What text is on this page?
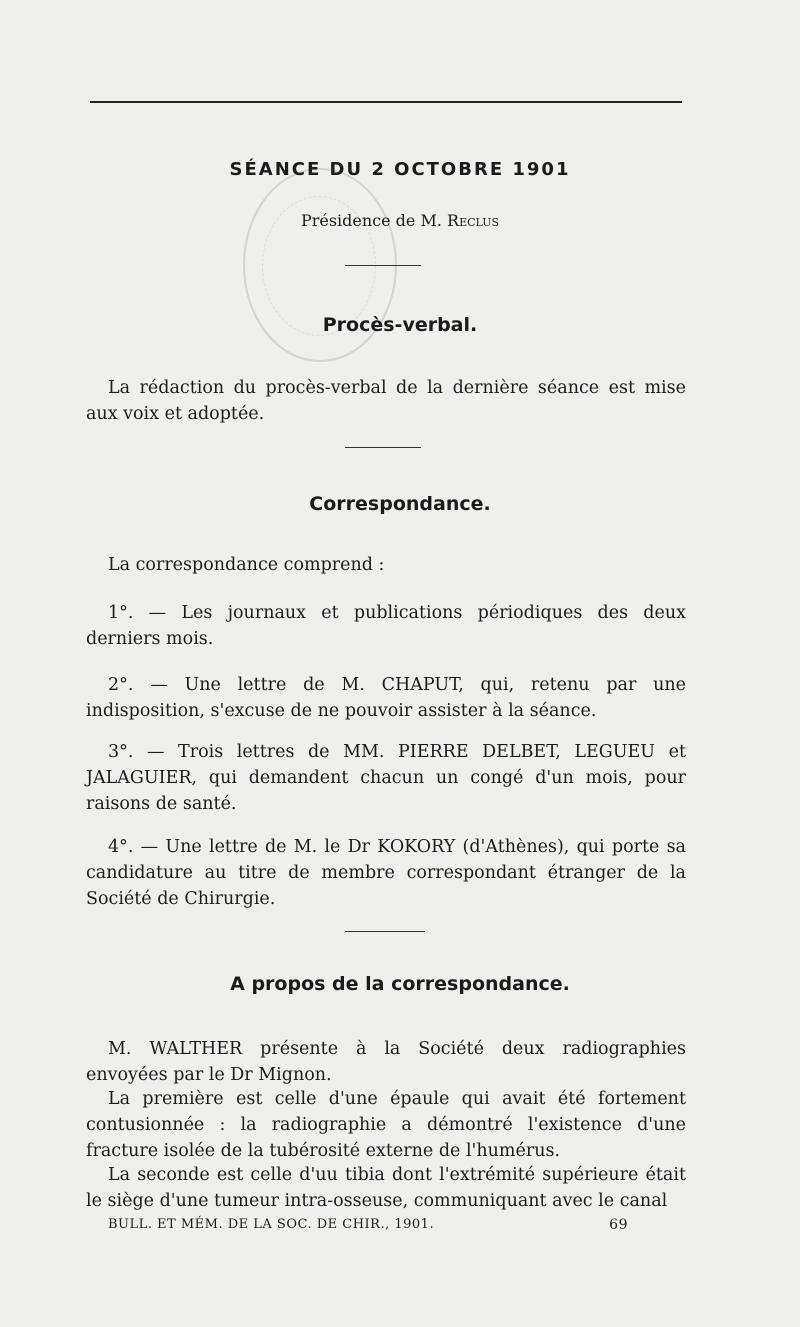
SÉANCE DU 2 OCTOBRE 1901
Présidence de M. Reclus
Procès-verbal.

La rédaction du procès-verbal de la dernière séance est mise aux voix et adoptée.

Correspondance.

La correspondance comprend :

1°. — Les journaux et publications périodiques des deux derniers mois.

2°. — Une lettre de M. CHAPUT, qui, retenu par une indisposition, s'excuse de ne pouvoir assister à la séance.

3°. — Trois lettres de MM. PIERRE DELBET, LEGUEU et JALAGUIER, qui demandent chacun un congé d'un mois, pour raisons de santé.

4°. — Une lettre de M. le Dr KOKORY (d'Athènes), qui porte sa candidature au titre de membre correspondant étranger de la Société de Chirurgie.

A propos de la correspondance.

M. WALTHER présente à la Société deux radiographies envoyées par le Dr Mignon.

La première est celle d'une épaule qui avait été fortement contusionnée : la radiographie a démontré l'existence d'une fracture isolée de la tubérosité externe de l'humérus.

La seconde est celle d'uu tibia dont l'extrémité supérieure était le siège d'une tumeur intra-osseuse, communiquant avec le canal

BULL. ET MÉM. DE LA SOC. DE CHIR., 1901.	69
